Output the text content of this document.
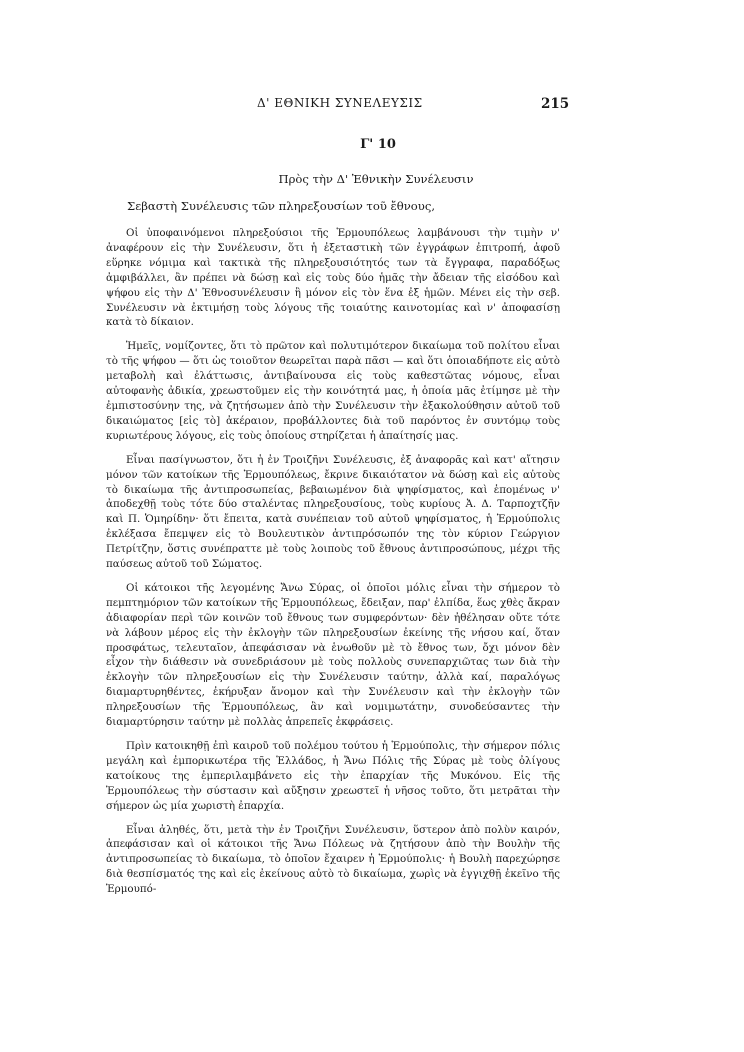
Δ' ΕΘΝΙΚΗ ΣΥΝΕΛΕΥΣΙΣ	215
Γ' 10
Πρὸς τὴν Δ' Ἐθνικὴν Συνέλευσιν
Σεβαστὴ Συνέλευσις τῶν πληρεξουσίων τοῦ ἔθνους,

Οἱ ὑποφαινόμενοι πληρεξούσιοι τῆς Ἑρμουπόλεως λαμβάνουσι τὴν τιμὴν ν' ἀναφέρουν εἰς τὴν Συνέλευσιν, ὅτι ἡ ἐξεταστικὴ τῶν ἐγγράφων ἐπιτροπή, ἀφοῦ εὕρηκε νόμιμα καὶ τακτικὰ τῆς πληρεξουσιότητός των τὰ ἔγγραφα, παραδόξως ἀμφιβάλλει, ἂν πρέπει νὰ δώσῃ καὶ εἰς τοὺς δύο ἡμᾶς τὴν ἄδειαν τῆς εἰσόδου καὶ ψήφου εἰς τὴν Δ' Ἐθνοσυνέλευσιν ἢ μόνον εἰς τὸν ἕνα ἐξ ἡμῶν. Μένει εἰς τὴν σεβ. Συνέλευσιν νὰ ἐκτιμήσῃ τοὺς λόγους τῆς τοιαύτης καινοτομίας καὶ ν' ἀποφασίσῃ κατὰ τὸ δίκαιον.

Ἡμεῖς, νομίζοντες, ὅτι τὸ πρῶτον καὶ πολυτιμότερον δικαίωμα τοῦ πολίτου εἶναι τὸ τῆς ψήφου — ὅτι ὡς τοιοῦτον θεωρεῖται παρὰ πᾶσι — καὶ ὅτι ὁποιαδήποτε εἰς αὐτὸ μεταβολὴ καὶ ἐλάττωσις, ἀντιβαίνουσα εἰς τοὺς καθεστῶτας νόμους, εἶναι αὐτοφανὴς ἀδικία, χρεωστοῦμεν εἰς τὴν κοινότητά μας, ἡ ὁποία μᾶς ἐτίμησε μὲ τὴν ἐμπιστοσύνην της, νὰ ζητήσωμεν ἀπὸ τὴν Συνέλευσιν τὴν ἐξακολούθησιν αὐτοῦ τοῦ δικαιώματος [εἰς τὸ] ἀκέραιον, προβάλλοντες διὰ τοῦ παρόντος ἐν συντόμῳ τοὺς κυριωτέρους λόγους, εἰς τοὺς ὁποίους στηρίζεται ἡ ἀπαίτησίς μας.

Εἶναι πασίγνωστον, ὅτι ἡ ἐν Τροιζῆνι Συνέλευσις, ἐξ ἀναφορᾶς καὶ κατ' αἴτησιν μόνον τῶν κατοίκων τῆς Ἑρμουπόλεως, ἔκρινε δικαιότατον νὰ δώσῃ καὶ εἰς αὐτοὺς τὸ δικαίωμα τῆς ἀντιπροσωπείας, βεβαιωμένον διὰ ψηφίσματος, καὶ ἑπομένως ν' ἀποδεχθῇ τοὺς τότε δύο σταλέντας πληρεξουσίους, τοὺς κυρίους Ἀ. Δ. Ταρποχτζῆν καὶ Π. Ὁμηρίδην· ὅτι ἔπειτα, κατὰ συνέπειαν τοῦ αὐτοῦ ψηφίσματος, ἡ Ἑρμούπολις ἐκλέξασα ἔπεμψεν εἰς τὸ Βουλευτικὸν ἀντιπρόσωπόν της τὸν κύριον Γεώργιον Πετρίτζην, ὅστις συνέπραττε μὲ τοὺς λοιποὺς τοῦ ἔθνους ἀντιπροσώπους, μέχρι τῆς παύσεως αὐτοῦ τοῦ Σώματος.

Οἱ κάτοικοι τῆς λεγομένης Ἄνω Σύρας, οἱ ὁποῖοι μόλις εἶναι τὴν σήμερον τὸ πεμπτημόριον τῶν κατοίκων τῆς Ἑρμουπόλεως, ἔδειξαν, παρ' ἐλπίδα, ἕως χθὲς ἄκραν ἀδιαφορίαν περὶ τῶν κοινῶν τοῦ ἔθνους των συμφερόντων· δὲν ἠθέλησαν οὔτε τότε νὰ λάβουν μέρος εἰς τὴν ἐκλογὴν τῶν πληρεξουσίων ἐκείνης τῆς νήσου καί, ὅταν προσφάτως, τελευταῖον, ἀπεφάσισαν νὰ ἑνωθοῦν μὲ τὸ ἔθνος των, ὄχι μόνον δὲν εἶχον τὴν διάθεσιν νὰ συνεδριάσουν μὲ τοὺς πολλοὺς συνεπαρχιῶτας των διὰ τὴν ἐκλογὴν τῶν πληρεξουσίων εἰς τὴν Συνέλευσιν ταύτην, ἀλλὰ καί, παραλόγως διαμαρτυρηθέντες, ἐκήρυξαν ἄνομον καὶ τὴν Συνέλευσιν καὶ τὴν ἐκλογὴν τῶν πληρεξουσίων τῆς Ἑρμουπόλεως, ἂν καὶ νομιμωτάτην, συνοδεύσαντες τὴν διαμαρτύρησιν ταύτην μὲ πολλὰς ἀπρεπεῖς ἐκφράσεις.

Πρὶν κατοικηθῇ ἐπὶ καιροῦ τοῦ πολέμου τούτου ἡ Ἑρμούπολις, τὴν σήμερον πόλις μεγάλη καὶ ἐμπορικωτέρα τῆς Ἑλλάδος, ἡ Ἄνω Πόλις τῆς Σύρας μὲ τοὺς ὀλίγους κατοίκους της ἐμπεριλαμβάνετο εἰς τὴν ἐπαρχίαν τῆς Μυκόνου. Εἰς τῆς Ἑρμουπόλεως τὴν σύστασιν καὶ αὔξησιν χρεωστεῖ ἡ νῆσος τοῦτο, ὅτι μετρᾶται τὴν σήμερον ὡς μία χωριστὴ ἐπαρχία.

Εἶναι ἀληθές, ὅτι, μετὰ τὴν ἐν Τροιζῆνι Συνέλευσιν, ὕστερον ἀπὸ πολὺν καιρόν, ἀπεφάσισαν καὶ οἱ κάτοικοι τῆς Ἄνω Πόλεως νὰ ζητήσουν ἀπὸ τὴν Βουλὴν τῆς ἀντιπροσωπείας τὸ δικαίωμα, τὸ ὁποῖον ἔχαιρεν ἡ Ἑρμούπολις· ἡ Βουλὴ παρεχώρησε διὰ θεσπίσματός της καὶ εἰς ἐκείνους αὐτὸ τὸ δικαίωμα, χωρὶς νὰ ἐγγιχθῇ ἐκεῖνο τῆς Ἑρμουπό-
